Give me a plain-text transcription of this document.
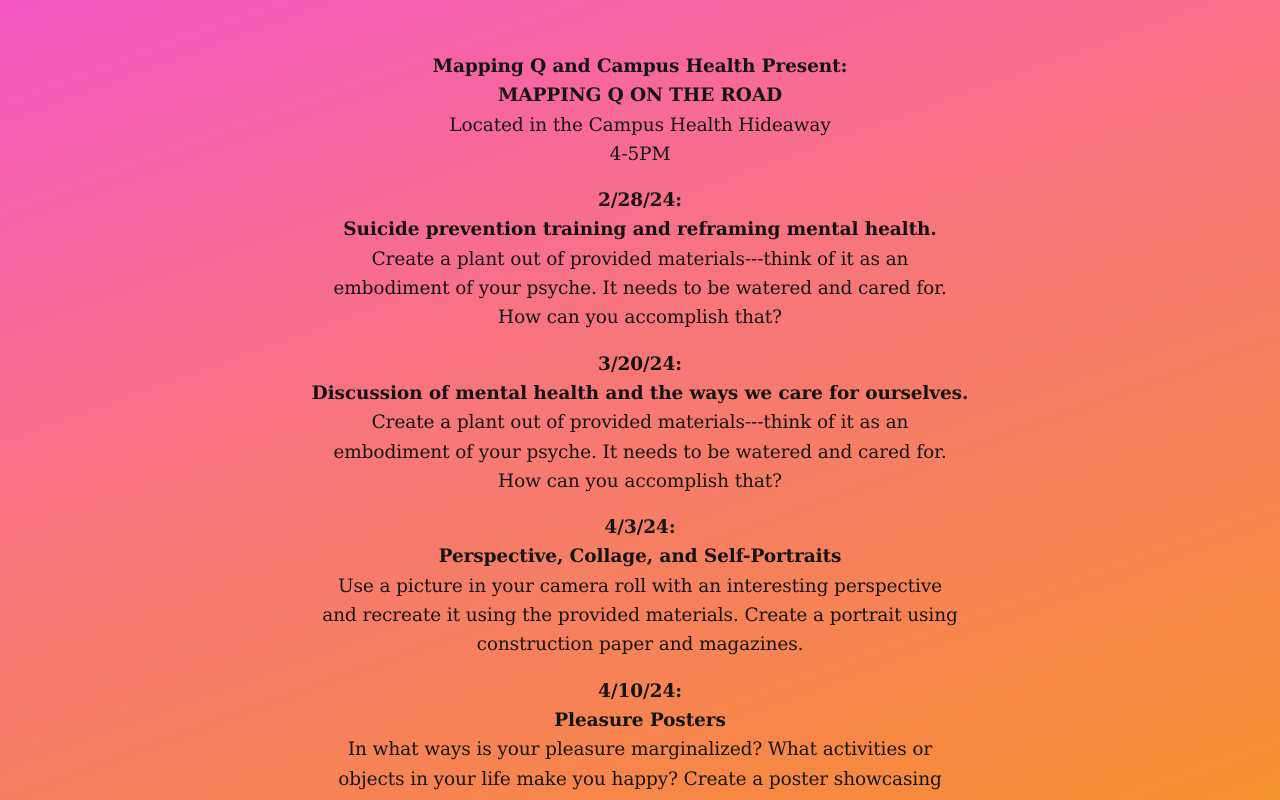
Mapping Q and Campus Health Present:
MAPPING Q ON THE ROAD
Located in the Campus Health Hideaway
4-5PM
2/28/24:
Suicide prevention training and reframing mental health.
Create a plant out of provided materials---think of it as an
embodiment of your psyche. It needs to be watered and cared for.
How can you accomplish that?
3/20/24:
Discussion of mental health and the ways we care for ourselves.
Create a plant out of provided materials---think of it as an
embodiment of your psyche. It needs to be watered and cared for.
How can you accomplish that?
4/3/24:
Perspective, Collage, and Self-Portraits
Use a picture in your camera roll with an interesting perspective
and recreate it using the provided materials. Create a portrait using
construction paper and magazines.
4/10/24:
Pleasure Posters
In what ways is your pleasure marginalized? What activities or
objects in your life make you happy? Create a poster showcasing
